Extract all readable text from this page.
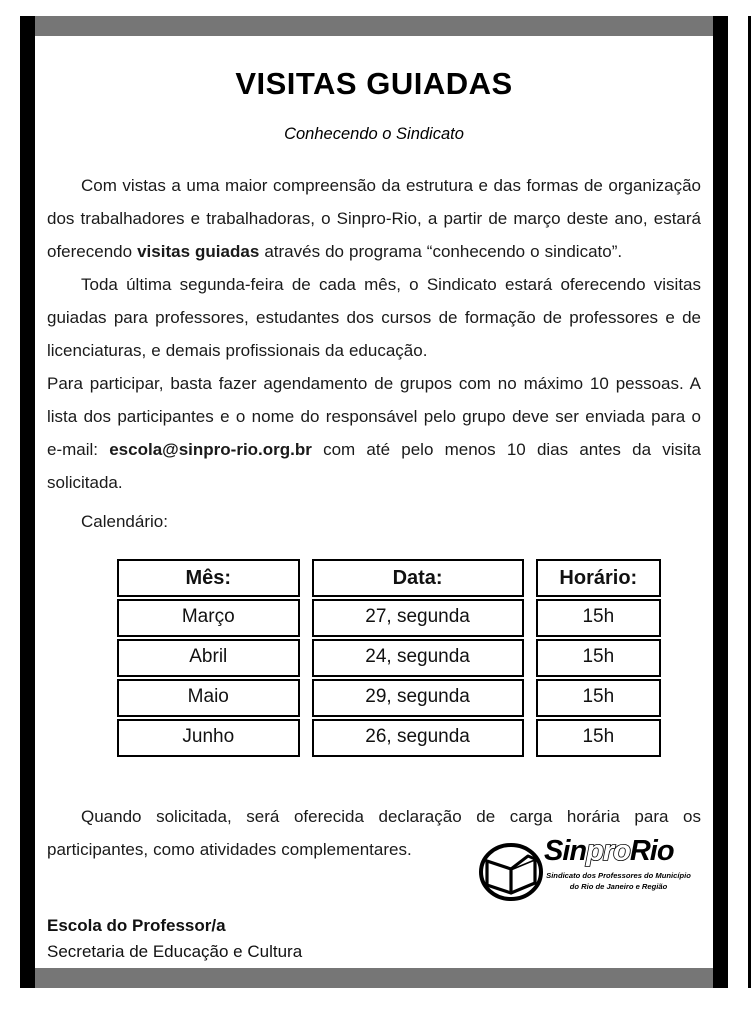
VISITAS GUIADAS
Conhecendo o Sindicato

Com vistas a uma maior compreensão da estrutura e das formas de organização dos trabalhadores e trabalhadoras, o Sinpro-Rio, a partir de março deste ano, estará oferecendo visitas guiadas através do programa “conhecendo o sindicato”.

Toda última segunda-feira de cada mês, o Sindicato estará oferecendo visitas guiadas para professores, estudantes dos cursos de formação de professores e de licenciaturas, e demais profissionais da educação.

Para participar, basta fazer agendamento de grupos com no máximo 10 pessoas. A lista dos participantes e o nome do responsável pelo grupo deve ser enviada para o e-mail: escola@sinpro-rio.org.br com até pelo menos 10 dias antes da visita solicitada.

Calendário:
Mês:	Data:	Horário:
Março	27, segunda	15h
Abril	24, segunda	15h
Maio	29, segunda	15h
Junho	26, segunda	15h

Quando solicitada, será oferecida declaração de carga horária para os participantes, como atividades complementares.

Escola do Professor/a
Secretaria de Educação e Cultura
SinproRio
Sindicato dos Professores do Município
do Rio de Janeiro e Região
